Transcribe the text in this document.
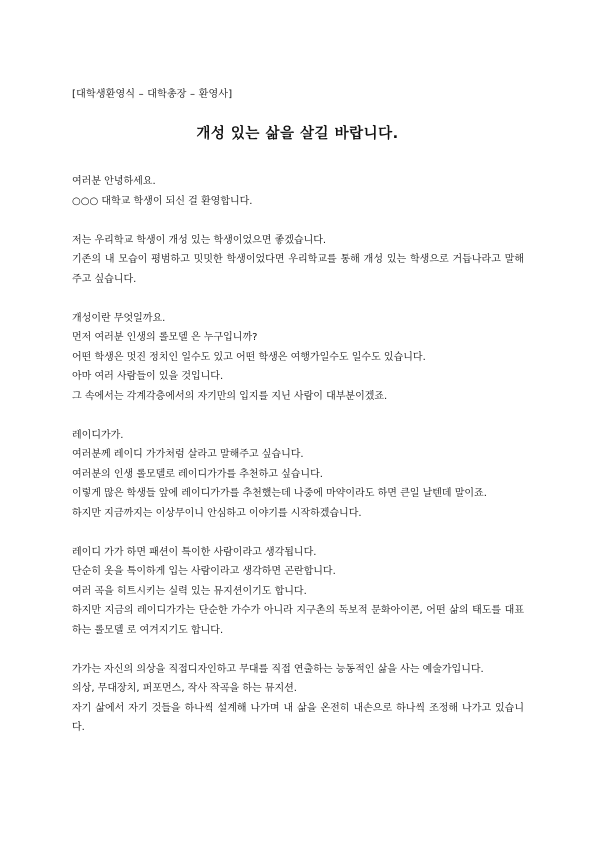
[대학생환영식 – 대학총장 – 환영사]
개성 있는 삶을 살길 바랍니다.
여러분 안녕하세요.
○○○ 대학교 학생이 되신 걸 환영합니다.
저는 우리학교 학생이 개성 있는 학생이었으면 좋겠습니다.
기존의 내 모습이 평범하고 밋밋한 학생이었다면 우리학교를 통해 개성 있는 학생으로 거듭나라고 말해주고 싶습니다.
개성이란 무엇일까요.
먼저 여러분 인생의 롤모델 은 누구입니까?
어떤 학생은 멋진 정치인 일수도 있고 어떤 학생은 여행가일수도 일수도 있습니다.
아마 여러 사람들이 있을 것입니다.
그 속에서는 각계각층에서의 자기만의 입지를 지닌 사람이 대부분이겠죠.
레이디가가.
여러분께 레이디 가가처럼 살라고 말해주고 싶습니다.
여러분의 인생 롤모델로 레이디가가를 추천하고 싶습니다.
이렇게 많은 학생들 앞에 레이디가가를 추천했는데 나중에 마약이라도 하면 큰일 날텐데 말이죠.
하지만 지금까지는 이상무이니 안심하고 이야기를 시작하겠습니다.
레이디 가가 하면 패션이 특이한 사람이라고 생각됩니다.
단순히 옷을 특이하게 입는 사람이라고 생각하면 곤란합니다.
여러 곡을 히트시키는 실력 있는 뮤지션이기도 합니다.
하지만 지금의 레이디가가는 단순한 가수가 아니라 지구촌의 독보적 문화아이콘, 어떤 삶의 태도를 대표하는 롤모델 로 여겨지기도 합니다.
가가는 자신의 의상을 직접디자인하고 무대를 직접 연출하는 능동적인 삶을 사는 예술가입니다.
의상, 무대장치, 퍼포먼스, 작사 작곡을 하는 뮤지션.
자기 삶에서 자기 것들을 하나씩 설계해 나가며 내 삶을 온전히 내손으로 하나씩 조정해 나가고 있습니다.
